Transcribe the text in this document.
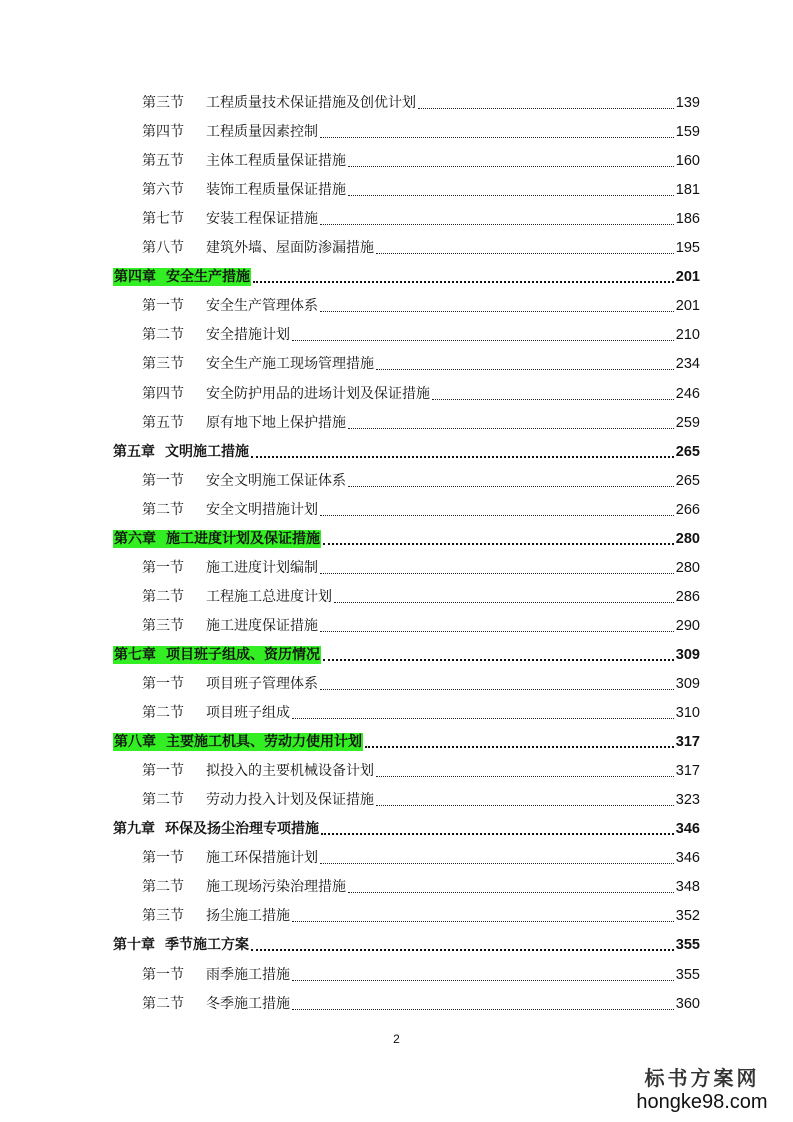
第三节	工程质量技术保证措施及创优计划	139
第四节	工程质量因素控制	159
第五节	主体工程质量保证措施	160
第六节	装饰工程质量保证措施	181
第七节	安装工程保证措施	186
第八节	建筑外墙、屋面防渗漏措施	195
第四章 安全生产措施	201
第一节	安全生产管理体系	201
第二节	安全措施计划	210
第三节	安全生产施工现场管理措施	234
第四节	安全防护用品的进场计划及保证措施	246
第五节	原有地下地上保护措施	259
第五章 文明施工措施	265
第一节	安全文明施工保证体系	265
第二节	安全文明措施计划	266
第六章 施工进度计划及保证措施	280
第一节	施工进度计划编制	280
第二节	工程施工总进度计划	286
第三节	施工进度保证措施	290
第七章 项目班子组成、资历情况	309
第一节	项目班子管理体系	309
第二节	项目班子组成	310
第八章 主要施工机具、劳动力使用计划	317
第一节	拟投入的主要机械设备计划	317
第二节	劳动力投入计划及保证措施	323
第九章 环保及扬尘治理专项措施	346
第一节	施工环保措施计划	346
第二节	施工现场污染治理措施	348
第三节	扬尘施工措施	352
第十章 季节施工方案	355
第一节	雨季施工措施	355
第二节	冬季施工措施	360
2
标书方案网
hongke98.com
